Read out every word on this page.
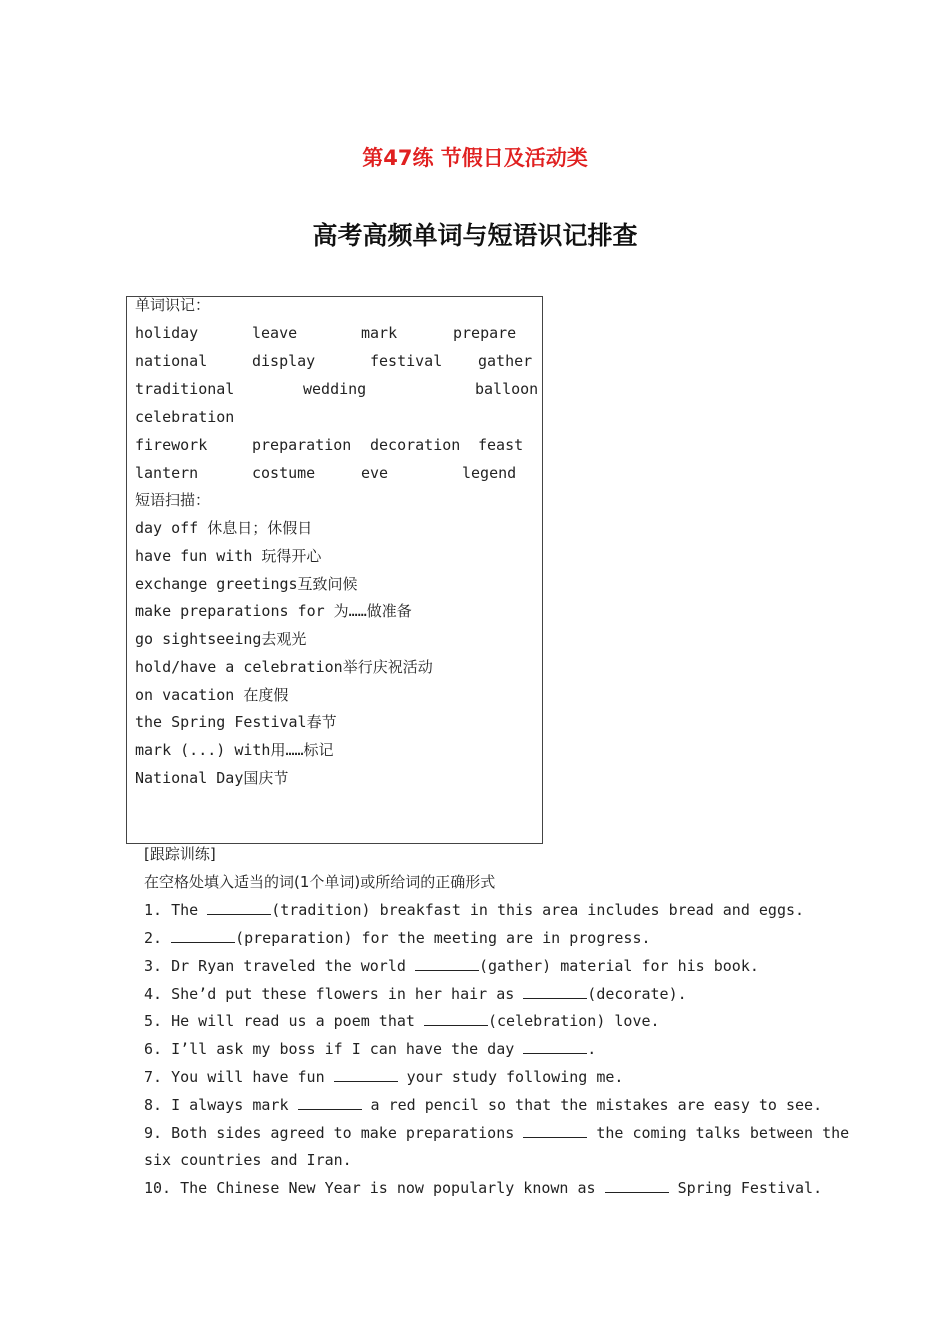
第47练 节假日及活动类
高考高频单词与短语识记排查
单词识记：
holiday	leave	mark	prepare
national	display	festival gather
traditional	wedding	balloon
celebration
firework	preparation decoration feast
lantern	costume	eve	legend
短语扫描：
day off 休息日；休假日
have fun with 玩得开心
exchange greetings互致问候
make preparations for 为……做准备
go sightseeing去观光
hold/have a celebration举行庆祝活动
on vacation 在度假
the Spring Festival春节
mark (...) with用……标记
National Day国庆节
[跟踪训练]
在空格处填入适当的词(1个单词)或所给词的正确形式
1. The	(tradition) breakfast in this area includes bread and eggs.
2.	(preparation) for the meeting are in progress.
3. Dr Ryan traveled the world	(gather) material for his book.
4. She’d put these flowers in her hair as	(decorate).
5. He will read us a poem that	(celebration) love.
6. I’ll ask my boss if I can have the day	.
7. You will have fun	your study following me.
8. I always mark	a red pencil so that the mistakes are easy to see.
9. Both sides agreed to make preparations	the coming talks between the
six countries and Iran.
10. The Chinese New Year is now popularly known as	Spring Festival.
